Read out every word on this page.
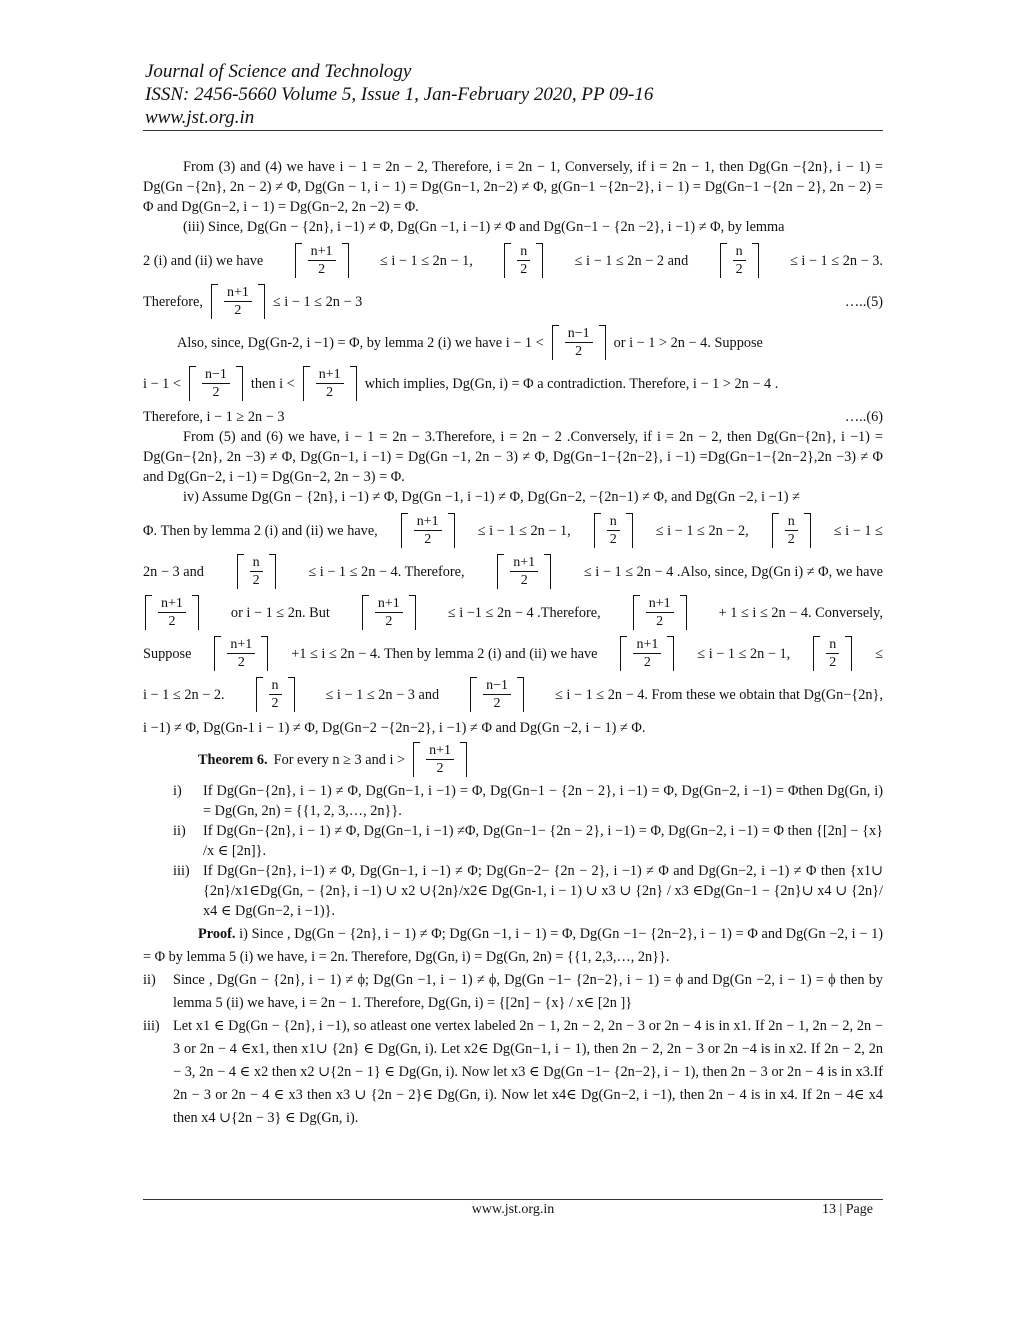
Journal of Science and Technology
ISSN: 2456-5660 Volume 5, Issue 1, Jan-February 2020, PP 09-16
www.jst.org.in

From (3) and (4) we have i − 1 = 2n − 2, Therefore, i = 2n − 1, Conversely, if i = 2n − 1, then Dg(Gn −{2n}, i − 1) = Dg(Gn −{2n}, 2n − 2) ≠ Φ, Dg(Gn − 1, i − 1) = Dg(Gn−1, 2n−2) ≠ Φ, g(Gn−1 −{2n−2}, i − 1) = Dg(Gn−1 −{2n − 2}, 2n − 2) = Φ and Dg(Gn−2, i − 1) = Dg(Gn−2, 2n −2) = Φ.

(iii) Since, Dg(Gn − {2n}, i −1) ≠ Φ, Dg(Gn −1, i −1) ≠ Φ and Dg(Gn−1 − {2n −2}, i −1) ≠ Φ, by lemma

2 (i) and (ii) we have
n+1
2
≤ i − 1 ≤ 2n − 1,
n
2
≤ i − 1 ≤ 2n − 2 and
n
2
≤ i − 1 ≤ 2n − 3.
Therefore,
n+1
2
≤ i − 1 ≤ 2n − 3	…..(5)
Also, since, Dg(Gn-2, i −1) = Φ, by lemma 2 (i) we have i − 1 <
n−1
2
or i − 1 > 2n − 4. Suppose
i − 1 <
n−1
2
then i <
n+1
2
which implies, Dg(Gn, i) = Φ a contradiction. Therefore, i − 1 > 2n − 4 .
Therefore, i − 1 ≥ 2n − 3	…..(6)

From (5) and (6) we have, i − 1 = 2n − 3.Therefore, i = 2n − 2 .Conversely, if i = 2n − 2, then Dg(Gn−{2n}, i −1) = Dg(Gn−{2n}, 2n −3) ≠ Φ, Dg(Gn−1, i −1) = Dg(Gn −1, 2n − 3) ≠ Φ, Dg(Gn−1−{2n−2}, i −1) =Dg(Gn−1−{2n−2},2n −3) ≠ Φ and Dg(Gn−2, i −1) = Dg(Gn−2, 2n − 3) = Φ.

iv) Assume Dg(Gn − {2n}, i −1) ≠ Φ, Dg(Gn −1, i −1) ≠ Φ, Dg(Gn−2, −{2n−1) ≠ Φ, and Dg(Gn −2, i −1) ≠

Φ. Then by lemma 2 (i) and (ii) we have,
n+1
2
≤ i − 1 ≤ 2n − 1,
n
2
≤ i − 1 ≤ 2n − 2,
n
2
≤ i − 1 ≤
2n − 3 and
n
2
≤ i − 1 ≤ 2n − 4. Therefore,
n+1
2
≤ i − 1 ≤ 2n − 4 .Also, since, Dg(Gn i) ≠ Φ, we have
n+1
2
or i − 1 ≤ 2n. But
n+1
2
≤ i −1 ≤ 2n − 4 .Therefore,
n+1
2
+ 1 ≤ i ≤ 2n − 4. Conversely,
Suppose
n+1
2
+1 ≤ i ≤ 2n − 4. Then by lemma 2 (i) and (ii) we have
n+1
2
≤ i − 1 ≤ 2n − 1,
n
2
≤
i − 1 ≤ 2n − 2.
n
2
≤ i − 1 ≤ 2n − 3 and
n−1
2
≤ i − 1 ≤ 2n − 4. From these we obtain that Dg(Gn−{2n},

i −1) ≠ Φ, Dg(Gn-1 i − 1) ≠ Φ, Dg(Gn−2 −{2n−2}, i −1) ≠ Φ and Dg(Gn −2, i − 1) ≠ Φ.

Theorem 6. For every n ≥ 3 and i >
n+1
2
i)	If Dg(Gn−{2n}, i − 1) ≠ Φ, Dg(Gn−1, i −1) = Φ, Dg(Gn−1 − {2n − 2}, i −1) = Φ, Dg(Gn−2, i −1) = Φthen Dg(Gn, i) = Dg(Gn, 2n) = {{1, 2, 3,…, 2n}}.
ii)	If Dg(Gn−{2n}, i − 1) ≠ Φ, Dg(Gn−1, i −1) ≠Φ, Dg(Gn−1− {2n − 2}, i −1) = Φ, Dg(Gn−2, i −1) = Φ then {[2n] − {x} /x ∈ [2n]}.
iii) If Dg(Gn−{2n}, i−1) ≠ Φ, Dg(Gn−1, i −1) ≠ Φ; Dg(Gn−2− {2n − 2}, i −1) ≠ Φ and Dg(Gn−2, i −1) ≠ Φ then {x1∪ {2n}/x1∈Dg(Gn, − {2n}, i −1) ∪ x2 ∪{2n}/x2∈ Dg(Gn-1, i − 1) ∪ x3 ∪ {2n} / x3 ∈Dg(Gn−1 − {2n}∪ x4 ∪ {2n}/ x4 ∈ Dg(Gn−2, i −1)}.

Proof. i) Since , Dg(Gn − {2n}, i − 1) ≠ Φ; Dg(Gn −1, i − 1) = Φ, Dg(Gn −1− {2n−2}, i − 1) = Φ and Dg(Gn −2, i − 1) = Φ by lemma 5 (i) we have, i = 2n. Therefore, Dg(Gn, i) = Dg(Gn, 2n) = {{1, 2,3,…, 2n}}.

ii)	Since , Dg(Gn − {2n}, i − 1) ≠ ϕ; Dg(Gn −1, i − 1) ≠ ϕ, Dg(Gn −1− {2n−2}, i − 1) = ϕ and Dg(Gn −2, i − 1) = ϕ then by lemma 5 (ii) we have, i = 2n − 1. Therefore, Dg(Gn, i) = {[2n] − {x} / x∈ [2n ]}
iii) Let x1 ∈ Dg(Gn − {2n}, i −1), so atleast one vertex labeled 2n − 1, 2n − 2, 2n − 3 or 2n − 4 is in x1. If 2n − 1, 2n − 2, 2n − 3 or 2n − 4 ∈x1, then x1∪ {2n} ∈ Dg(Gn, i). Let x2∈ Dg(Gn−1, i − 1), then 2n − 2, 2n − 3 or 2n −4 is in x2. If 2n − 2, 2n − 3, 2n − 4 ∈ x2 then x2 ∪{2n − 1} ∈ Dg(Gn, i). Now let x3 ∈ Dg(Gn −1− {2n−2}, i − 1), then 2n − 3 or 2n − 4 is in x3.If 2n − 3 or 2n − 4 ∈ x3 then x3 ∪ {2n − 2}∈ Dg(Gn, i). Now let x4∈ Dg(Gn−2, i −1), then 2n − 4 is in x4. If 2n − 4∈ x4 then x4 ∪{2n − 3} ∈ Dg(Gn, i).
www.jst.org.in	13 | Page
